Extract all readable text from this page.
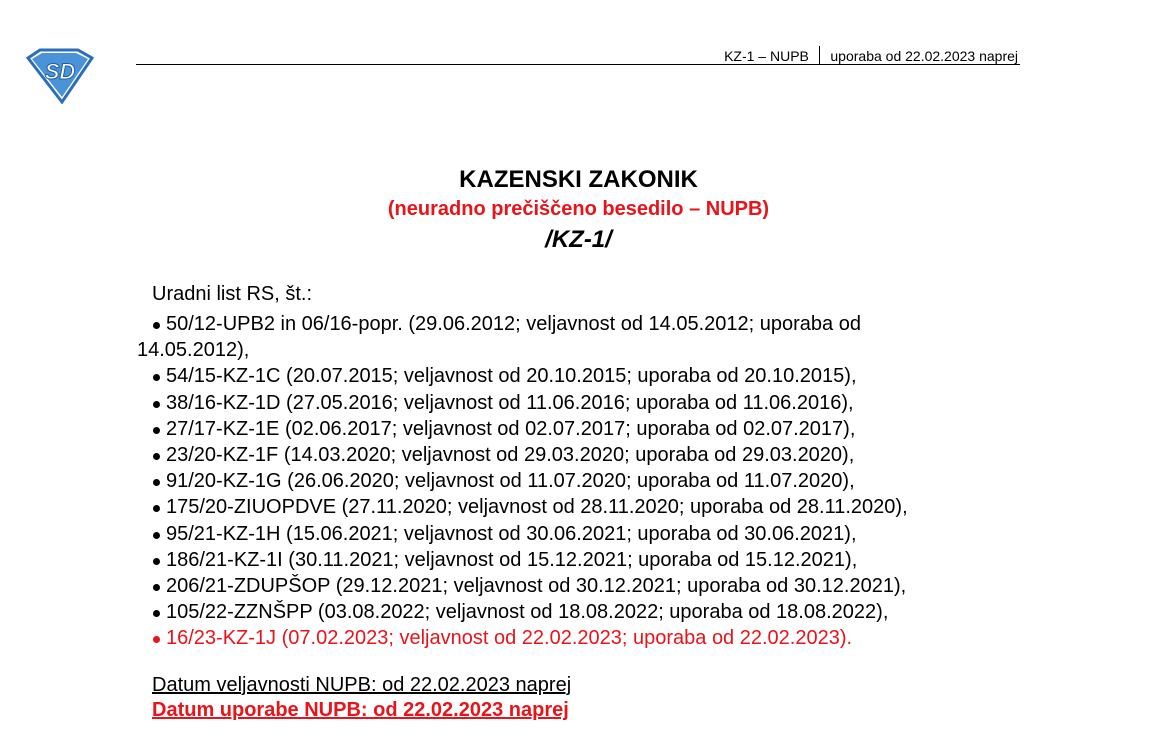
SD
KZ-1 – NUPB uporaba od 22.02.2023 naprej
KAZENSKI ZAKONIK
(neuradno prečiščeno besedilo – NUPB)
/KZ-1/
Uradni list RS, št.:
50/12-UPB2 in 06/16-popr. (29.06.2012; veljavnost od 14.05.2012; uporaba od
14.05.2012),
54/15-KZ-1C (20.07.2015; veljavnost od 20.10.2015; uporaba od 20.10.2015),
38/16-KZ-1D (27.05.2016; veljavnost od 11.06.2016; uporaba od 11.06.2016),
27/17-KZ-1E (02.06.2017; veljavnost od 02.07.2017; uporaba od 02.07.2017),
23/20-KZ-1F (14.03.2020; veljavnost od 29.03.2020; uporaba od 29.03.2020),
91/20-KZ-1G (26.06.2020; veljavnost od 11.07.2020; uporaba od 11.07.2020),
175/20-ZIUOPDVE (27.11.2020; veljavnost od 28.11.2020; uporaba od 28.11.2020),
95/21-KZ-1H (15.06.2021; veljavnost od 30.06.2021; uporaba od 30.06.2021),
186/21-KZ-1I (30.11.2021; veljavnost od 15.12.2021; uporaba od 15.12.2021),
206/21-ZDUPŠOP (29.12.2021; veljavnost od 30.12.2021; uporaba od 30.12.2021),
105/22-ZZNŠPP (03.08.2022; veljavnost od 18.08.2022; uporaba od 18.08.2022),
16/23-KZ-1J (07.02.2023; veljavnost od 22.02.2023; uporaba od 22.02.2023).
Datum veljavnosti NUPB: od 22.02.2023 naprej
Datum uporabe NUPB: od 22.02.2023 naprej
